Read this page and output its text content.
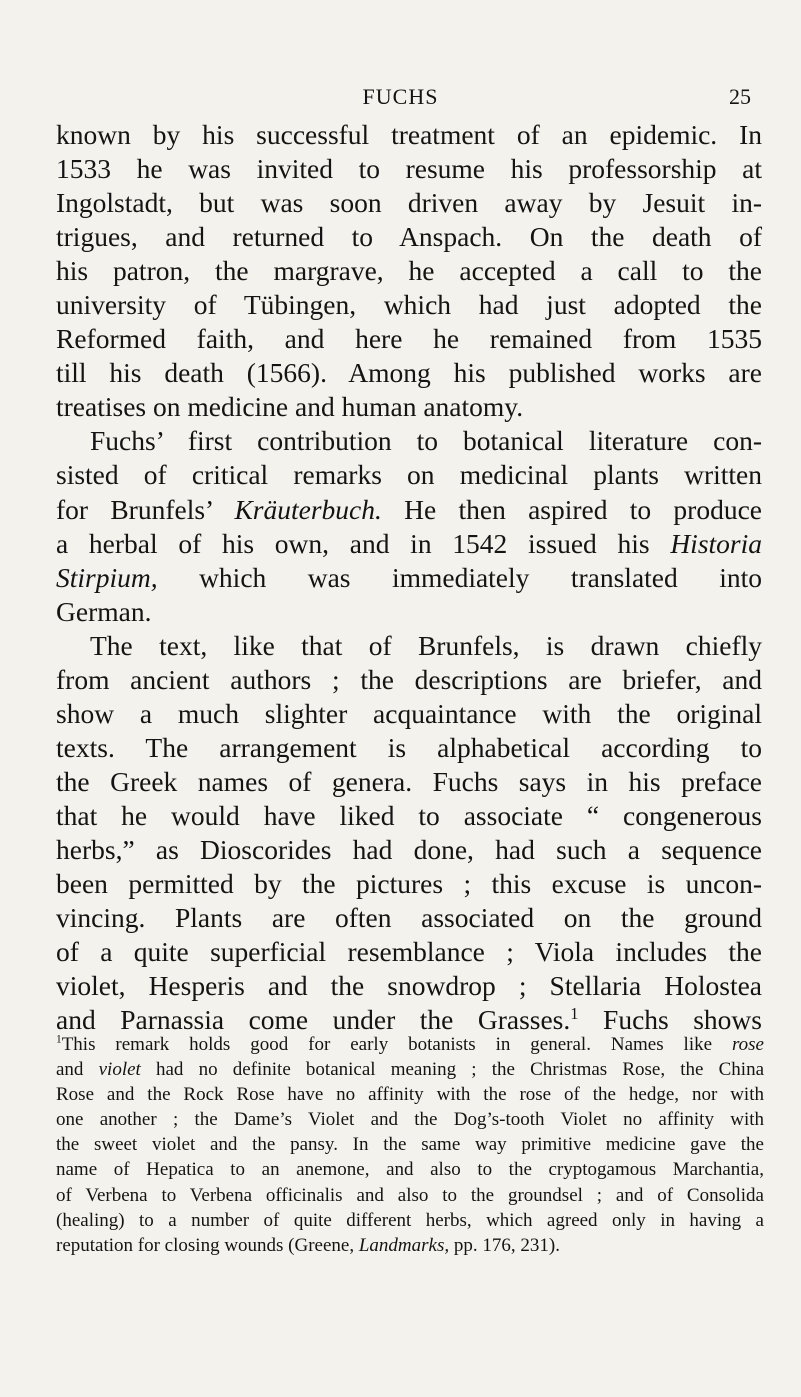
FUCHS	25
known by his successful treatment of an epidemic. In
1533 he was invited to resume his professorship at
Ingolstadt, but was soon driven away by Jesuit in-
trigues, and returned to Anspach. On the death of
his patron, the margrave, he accepted a call to the
university of Tübingen, which had just adopted the
Reformed faith, and here he remained from 1535
till his death (1566). Among his published works are
treatises on medicine and human anatomy.
Fuchs’ first contribution to botanical literature con-
sisted of critical remarks on medicinal plants written
for Brunfels’ Kräuterbuch. He then aspired to produce
a herbal of his own, and in 1542 issued his Historia
Stirpium, which was immediately translated into
German.
The text, like that of Brunfels, is drawn chiefly
from ancient authors ; the descriptions are briefer, and
show a much slighter acquaintance with the original
texts. The arrangement is alphabetical according to
the Greek names of genera. Fuchs says in his preface
that he would have liked to associate “ congenerous
herbs,” as Dioscorides had done, had such a sequence
been permitted by the pictures ; this excuse is uncon-
vincing. Plants are often associated on the ground
of a quite superficial resemblance ; Viola includes the
violet, Hesperis and the snowdrop ; Stellaria Holostea
and Parnassia come under the Grasses.$^1$ Fuchs shows
$^1$This remark holds good for early botanists in general. Names like rose
and violet had no definite botanical meaning ; the Christmas Rose, the China
Rose and the Rock Rose have no affinity with the rose of the hedge, nor with
one another ; the Dame’s Violet and the Dog’s-tooth Violet no affinity with
the sweet violet and the pansy. In the same way primitive medicine gave the
name of Hepatica to an anemone, and also to the cryptogamous Marchantia,
of Verbena to Verbena officinalis and also to the groundsel ; and of Consolida
(healing) to a number of quite different herbs, which agreed only in having a
reputation for closing wounds (Greene, Landmarks, pp. 176, 231).
